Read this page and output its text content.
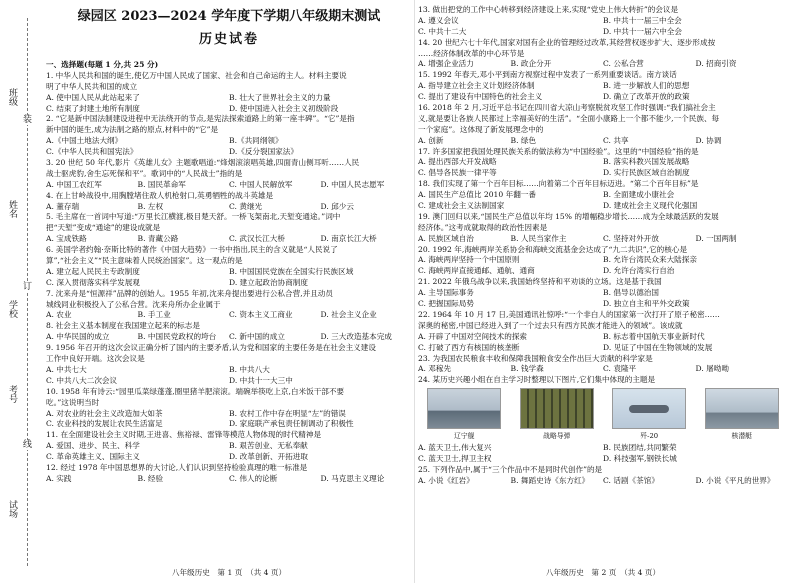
班级
姓名
学校
考号
试场
装
订
线
绿园区 2023—2024 学年度下学期八年级期末测试
历史试卷
一、选择题(每题 1 分,共 25 分)
1. 中华人民共和国的诞生,使亿万中国人民成了国家、社会和自己命运的主人。材料主要说
明了中华人民共和国的成立
A. 使中国人民从此站起来了	B. 壮大了世界社会主义的力量
C. 结束了封建土地所有制度	D. 使中国进入社会主义初级阶段
2. “它是新中国法制建设进程中无法绕开的节点,是宪法探索道路上的第一座丰碑”。“它”是指
新中国的诞生,成为法制之路的原点,材料中的“它”是
A.《中国土地法大纲》	B.《共同纲领》
C.《中华人民共和国宪法》	D.《反分裂国家法》
3. 20 世纪 50 年代,影片《英雄儿女》主题歌唱道:“烽烟滚滚唱英雄,四面青山侧耳听……人民
战士驱虎豹,舍生忘死保和平”。歌词中的“人民战士”指的是
A. 中国工农红军	B. 国民革命军	C. 中国人民解放军	D. 中国人民志愿军
4. 在上甘岭战役中,用胸膛堵住敌人机枪射口,英勇牺牲的战斗英雄是
A. 董存瑞	B. 左权	C. 黄继光	D. 邱少云
5. 毛主席在一首词中写道:“万里长江横渡,极目楚天舒。一桥飞架南北,天堑变通途。”词中
把“天堑”变成“通途”的建设成就是
A. 宝成铁路	B. 青藏公路	C. 武汉长江大桥	D. 南京长江大桥
6. 美国学者约翰·奈斯比特的著作《中国大趋势》一书中指出,民主的含义就是“人民说了
算”,“社会主义”“民主意味着人民统治国家”。这一观点的是
A. 建立起人民民主专政制度	B. 中国国民党族在全国实行民族区域
C. 深入贯彻落实科学发展观	D. 建立起政治协商制度
7. 沈来舟是“恒源祥”品牌的创始人。1955 年初,沈来舟提出要进行公私合营,并且动员
城线同业积极投入了公私合营。沈来舟所办企业属于
A. 农业	B. 手工业	C. 资本主义工商业	D. 社会主义企业
8. 社会主义基本制度在我国建立起来的标志是
A. 中华民国的成立	B. 中国民党政权的垮台	C. 新中国的成立	D. 三大改造基本完成
9. 1956 年召开的这次会议正确分析了国内的主要矛盾,认为党和国家的主要任务是在社会主义建设
工作中良好开端。这次会议是
A. 中共七大	B. 中共八大
C. 中共八大二次会议	D. 中共十一大三中
10. 1958 年有诗云:“园里瓜菜绿蓬蓬,圈里猪羊肥滚滚。端碗举筷吃上京,白米饭干部不要
吃。”这说明当时
A. 对农业的社会主义改造加大如茶	B. 农村工作中存在明显“左”的错误
C. 农业科技的发展让农民生活富足	D. 家庭联产承包责任制调动了积极性
11. 在全面建设社会主义时期,王进喜、焦裕禄、雷锋等模范人物体现的时代精神是
A. 爱国、进步、民主、科学	B. 艰苦创业、无私奉献
C. 革命英雄主义、国际主义	D. 改革创新、开拓进取
12. 经过 1978 年中国思想界的大讨论,人们认识到坚持检验真理的唯一标准是
A. 实践	B. 经验	C. 伟人的论断	D. 马克思主义理论
八年级历史　第 1 页　（共 4 页）
13. 做出把党的工作中心转移到经济建设上来,实现“党史上伟大转折”的会议是
A. 遵义会议	B. 中共十一届三中全会
C. 中共十二大	D. 中共十一届六中全会
14. 20 世纪六七十年代,国家对国有企业的管理经过改革,其经营权逐步扩大、逐步形成按
……经济体制改革的中心环节是
A. 增强企业活力	B. 政企分开	C. 公私合营	D. 招商引资
15. 1992 年春天,邓小平到南方视察过程中发表了一系列重要谈话。南方谈话
A. 指导建立社会主义计划经济体制	B. 进一步解放人们的思想
C. 提出了建设有中国特色的社会主义	D. 确立了改革开放的政策
16. 2018 年 2 月,习近平总书记在四川省大凉山考察脱贫攻坚工作时强调:“我们搞社会主
义,就是要让各族人民都过上幸福美好的生活”。“全面小康路上一个都不能少,一个民族、每
一个家庭”。这体现了新发展理念中的
A. 创新	B. 绿色	C. 共享	D. 协调
17. 许多国家把我国处理民族关系的做法称为“中国经验”。这里的“中国经验”指的是
A. 提出西部大开发战略	B. 落实科教兴国发展战略
C. 倡导各民族一律平等	D. 实行民族区域自治制度
18. 我们实现了第一个百年目标……向着第二个百年目标迈进。“第二个百年目标”是
A. 国民生产总值比 2010 年翻一番	B. 全面建成小康社会
C. 建成社会主义法制国家	D. 建成社会主义现代化强国
19. 澳门回归以来,“国民生产总值以年均 15% 的增幅稳步增长……成为全球最活跃的发展
经济体。”这考成就取得的政治性因素是
A. 民族区域自治	B. 人民当家作主	C. 坚持对外开放	D. 一国两制
20. 1992 年,海峡两岸关系协会和海峡交流基金会达成了“九二共识”,它的核心是
A. 海峡两岸坚持一个中国原则	B. 允许台湾民众来大陆探亲
C. 海峡两岸直接通邮、通航、通商	D. 允许台湾实行自治
21. 2022 年俄乌战争以来,我国始终坚持和平劝谈的立场。这是基于我国
A. 主导国际事务	B. 倡导以德治国
C. 把握国际局势	D. 独立自主和平外交政策
22. 1964 年 10 月 17 日,美国通讯社惊呼:“一个非白人的国家第一次打开了原子秘密……
深奥的秘密,中国已经进入到了一个过去只有西方民族才能进入的领域”。该成就
A. 开辟了中国对空间技术的探索	B. 标志着中国航天事业新时代
C. 打破了西方有核国的核垄断	D. 见证了中国在生物领域的发展
23. 为我国农民粮食丰收和保障我国粮食安全作出巨大贡献的科学家是
A. 邓稼先	B. 钱学森	C. 袁隆平	D. 屠呦呦
24. 某历史兴趣小组在自主学习时整理以下图片,它们集中体现的主题是
辽宁舰	战略导弹	歼-20	核潜艇
A. 蓝天卫士,伟大复兴	B. 民族团结,共同繁荣
C. 蓝天卫士,捍卫主权	D. 科技强军,钢铁长城
25. 下列作品中,属于“三个作品中不是同时代创作”的是
A. 小说《红岩》	B. 舞蹈史诗《东方红》	C. 话剧《茶馆》	D. 小说《平凡的世界》
八年级历史　第 2 页　（共 4 页）
